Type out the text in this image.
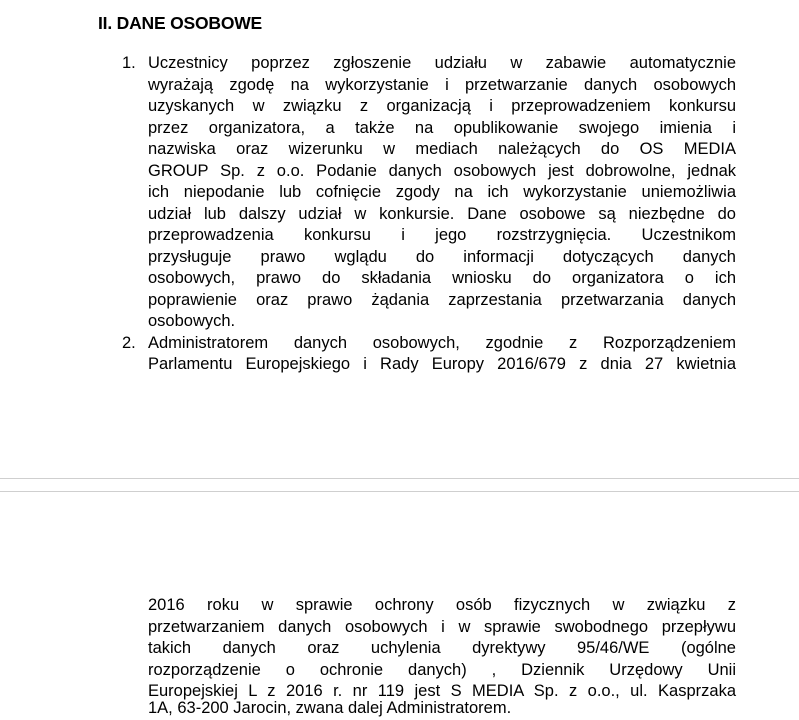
II. DANE OSOBOWE
1. Uczestnicy poprzez zgłoszenie udziału w zabawie automatycznie
wyrażają zgodę na wykorzystanie i przetwarzanie danych osobowych
uzyskanych w związku z organizacją i przeprowadzeniem konkursu
przez organizatora, a także na opublikowanie swojego imienia i
nazwiska oraz wizerunku w mediach należących do OS MEDIA
GROUP Sp. z o.o. Podanie danych osobowych jest dobrowolne, jednak
ich niepodanie lub cofnięcie zgody na ich wykorzystanie uniemożliwia
udział lub dalszy udział w konkursie. Dane osobowe są niezbędne do
przeprowadzenia konkursu i jego rozstrzygnięcia. Uczestnikom
przysługuje prawo wglądu do informacji dotyczących danych
osobowych, prawo do składania wniosku do organizatora o ich
poprawienie oraz prawo żądania zaprzestania przetwarzania danych
osobowych.
2. Administratorem danych osobowych, zgodnie z Rozporządzeniem
Parlamentu Europejskiego i Rady Europy 2016/679 z dnia 27 kwietnia
2016 roku w sprawie ochrony osób fizycznych w związku z
przetwarzaniem danych osobowych i w sprawie swobodnego przepływu
takich danych oraz uchylenia dyrektywy 95/46/WE (ogólne
rozporządzenie o ochronie danych) , Dziennik Urzędowy Unii
Europejskiej L z 2016 r. nr 119 jest S MEDIA Sp. z o.o., ul. Kasprzaka
1A, 63-200 Jarocin, zwana dalej Administratorem.
